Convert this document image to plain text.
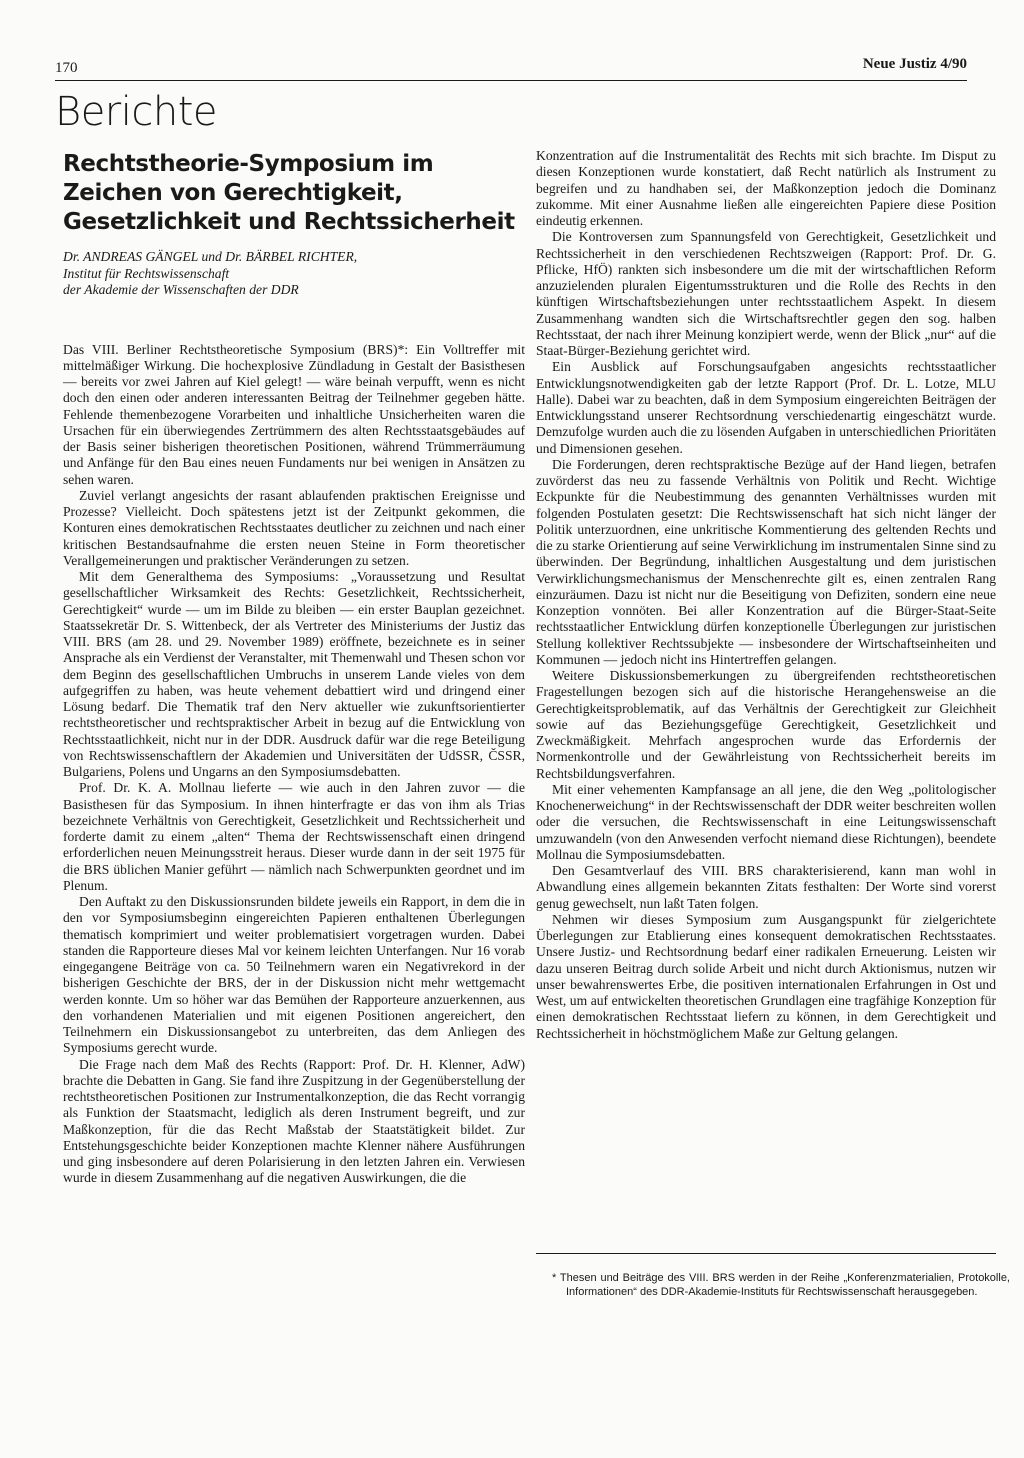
170	Neue Justiz 4/90
Berichte
Rechtstheorie-Symposium im Zeichen von Gerechtigkeit, Gesetzlichkeit und Rechtssicherheit
Dr. ANDREAS GÄNGEL und Dr. BÄRBEL RICHTER,
Institut für Rechtswissenschaft
der Akademie der Wissenschaften der DDR

Das VIII. Berliner Rechtstheoretische Symposium (BRS)*: Ein Volltreffer mit mittelmäßiger Wirkung. Die hochexplosive Zündladung in Gestalt der Basisthesen — bereits vor zwei Jahren auf Kiel gelegt! — wäre beinah verpufft, wenn es nicht doch den einen oder anderen interessanten Beitrag der Teilnehmer gegeben hätte. Fehlende themenbezogene Vorarbeiten und inhaltliche Unsicherheiten waren die Ursachen für ein überwiegendes Zertrümmern des alten Rechtsstaatsgebäudes auf der Basis seiner bisherigen theoretischen Positionen, während Trümmerräumung und Anfänge für den Bau eines neuen Fundaments nur bei wenigen in Ansätzen zu sehen waren.

Zuviel verlangt angesichts der rasant ablaufenden praktischen Ereignisse und Prozesse? Vielleicht. Doch spätestens jetzt ist der Zeitpunkt gekommen, die Konturen eines demokratischen Rechtsstaates deutlicher zu zeichnen und nach einer kritischen Bestandsaufnahme die ersten neuen Steine in Form theoretischer Verallgemeinerungen und praktischer Veränderungen zu setzen.

Mit dem Generalthema des Symposiums: „Voraussetzung und Resultat gesellschaftlicher Wirksamkeit des Rechts: Gesetzlichkeit, Rechtssicherheit, Gerechtigkeit“ wurde — um im Bilde zu bleiben — ein erster Bauplan gezeichnet. Staatssekretär Dr. S. Wittenbeck, der als Vertreter des Ministeriums der Justiz das VIII. BRS (am 28. und 29. November 1989) eröffnete, bezeichnete es in seiner Ansprache als ein Verdienst der Veranstalter, mit Themenwahl und Thesen schon vor dem Beginn des gesellschaftlichen Umbruchs in unserem Lande vieles von dem aufgegriffen zu haben, was heute vehement debattiert wird und dringend einer Lösung bedarf. Die Thematik traf den Nerv aktueller wie zukunftsorientierter rechtstheoretischer und rechtspraktischer Arbeit in bezug auf die Entwicklung von Rechtsstaatlichkeit, nicht nur in der DDR. Ausdruck dafür war die rege Beteiligung von Rechtswissenschaftlern der Akademien und Universitäten der UdSSR, ČSSR, Bulgariens, Polens und Ungarns an den Symposiumsdebatten.

Prof. Dr. K. A. Mollnau lieferte — wie auch in den Jahren zuvor — die Basisthesen für das Symposium. In ihnen hinterfragte er das von ihm als Trias bezeichnete Verhältnis von Gerechtigkeit, Gesetzlichkeit und Rechtssicherheit und forderte damit zu einem „alten“ Thema der Rechtswissenschaft einen dringend erforderlichen neuen Meinungsstreit heraus. Dieser wurde dann in der seit 1975 für die BRS üblichen Manier geführt — nämlich nach Schwerpunkten geordnet und im Plenum.

Den Auftakt zu den Diskussionsrunden bildete jeweils ein Rapport, in dem die in den vor Symposiumsbeginn eingereichten Papieren enthaltenen Überlegungen thematisch komprimiert und weiter problematisiert vorgetragen wurden. Dabei standen die Rapporteure dieses Mal vor keinem leichten Unterfangen. Nur 16 vorab eingegangene Beiträge von ca. 50 Teilnehmern waren ein Negativrekord in der bisherigen Geschichte der BRS, der in der Diskussion nicht mehr wettgemacht werden konnte. Um so höher war das Bemühen der Rapporteure anzuerkennen, aus den vorhandenen Materialien und mit eigenen Positionen angereichert, den Teilnehmern ein Diskussionsangebot zu unterbreiten, das dem Anliegen des Symposiums gerecht wurde.

Die Frage nach dem Maß des Rechts (Rapport: Prof. Dr. H. Klenner, AdW) brachte die Debatten in Gang. Sie fand ihre Zuspitzung in der Gegenüberstellung der rechtstheoretischen Positionen zur Instrumentalkonzeption, die das Recht vorrangig als Funktion der Staatsmacht, lediglich als deren Instrument begreift, und zur Maßkonzeption, für die das Recht Maßstab der Staatstätigkeit bildet. Zur Entstehungsgeschichte beider Konzeptionen machte Klenner nähere Ausführungen und ging insbesondere auf deren Polarisierung in den letzten Jahren ein. Verwiesen wurde in diesem Zusammenhang auf die negativen Auswirkungen, die die

Konzentration auf die Instrumentalität des Rechts mit sich brachte. Im Disput zu diesen Konzeptionen wurde konstatiert, daß Recht natürlich als Instrument zu begreifen und zu handhaben sei, der Maßkonzeption jedoch die Dominanz zukomme. Mit einer Ausnahme ließen alle eingereichten Papiere diese Position eindeutig erkennen.

Die Kontroversen zum Spannungsfeld von Gerechtigkeit, Gesetzlichkeit und Rechtssicherheit in den verschiedenen Rechtszweigen (Rapport: Prof. Dr. G. Pflicke, HfÖ) rankten sich insbesondere um die mit der wirtschaftlichen Reform anzuzielenden pluralen Eigentumsstrukturen und die Rolle des Rechts in den künftigen Wirtschaftsbeziehungen unter rechtsstaatlichem Aspekt. In diesem Zusammenhang wandten sich die Wirtschaftsrechtler gegen den sog. halben Rechtsstaat, der nach ihrer Meinung konzipiert werde, wenn der Blick „nur“ auf die Staat-Bürger-Beziehung gerichtet wird.

Ein Ausblick auf Forschungsaufgaben angesichts rechtsstaatlicher Entwicklungsnotwendigkeiten gab der letzte Rapport (Prof. Dr. L. Lotze, MLU Halle). Dabei war zu beachten, daß in dem Symposium eingereichten Beiträgen der Entwicklungsstand unserer Rechtsordnung verschiedenartig eingeschätzt wurde. Demzufolge wurden auch die zu lösenden Aufgaben in unterschiedlichen Prioritäten und Dimensionen gesehen.

Die Forderungen, deren rechtspraktische Bezüge auf der Hand liegen, betrafen zuvörderst das neu zu fassende Verhältnis von Politik und Recht. Wichtige Eckpunkte für die Neubestimmung des genannten Verhältnisses wurden mit folgenden Postulaten gesetzt: Die Rechtswissenschaft hat sich nicht länger der Politik unterzuordnen, eine unkritische Kommentierung des geltenden Rechts und die zu starke Orientierung auf seine Verwirklichung im instrumentalen Sinne sind zu überwinden. Der Begründung, inhaltlichen Ausgestaltung und dem juristischen Verwirklichungsmechanismus der Menschenrechte gilt es, einen zentralen Rang einzuräumen. Dazu ist nicht nur die Beseitigung von Defiziten, sondern eine neue Konzeption vonnöten. Bei aller Konzentration auf die Bürger-Staat-Seite rechtsstaatlicher Entwicklung dürfen konzeptionelle Überlegungen zur juristischen Stellung kollektiver Rechtssubjekte — insbesondere der Wirtschaftseinheiten und Kommunen — jedoch nicht ins Hintertreffen gelangen.

Weitere Diskussionsbemerkungen zu übergreifenden rechtstheoretischen Fragestellungen bezogen sich auf die historische Herangehensweise an die Gerechtigkeitsproblematik, auf das Verhältnis der Gerechtigkeit zur Gleichheit sowie auf das Beziehungsgefüge Gerechtigkeit, Gesetzlichkeit und Zweckmäßigkeit. Mehrfach angesprochen wurde das Erfordernis der Normenkontrolle und der Gewährleistung von Rechtssicherheit bereits im Rechtsbildungsverfahren.

Mit einer vehementen Kampfansage an all jene, die den Weg „politologischer Knochenerweichung“ in der Rechtswissenschaft der DDR weiter beschreiten wollen oder die versuchen, die Rechtswissenschaft in eine Leitungswissenschaft umzuwandeln (von den Anwesenden verfocht niemand diese Richtungen), beendete Mollnau die Symposiumsdebatten.

Den Gesamtverlauf des VIII. BRS charakterisierend, kann man wohl in Abwandlung eines allgemein bekannten Zitats festhalten: Der Worte sind vorerst genug gewechselt, nun laßt Taten folgen.

Nehmen wir dieses Symposium zum Ausgangspunkt für zielgerichtete Überlegungen zur Etablierung eines konsequent demokratischen Rechtsstaates. Unsere Justiz- und Rechtsordnung bedarf einer radikalen Erneuerung. Leisten wir dazu unseren Beitrag durch solide Arbeit und nicht durch Aktionismus, nutzen wir unser bewahrenswertes Erbe, die positiven internationalen Erfahrungen in Ost und West, um auf entwickelten theoretischen Grundlagen eine tragfähige Konzeption für einen demokratischen Rechtsstaat liefern zu können, in dem Gerechtigkeit und Rechtssicherheit in höchstmöglichem Maße zur Geltung gelangen.

* Thesen und Beiträge des VIII. BRS werden in der Reihe „Konferenzmaterialien, Protokolle, Informationen“ des DDR-Akademie-Instituts für Rechtswissenschaft herausgegeben.
